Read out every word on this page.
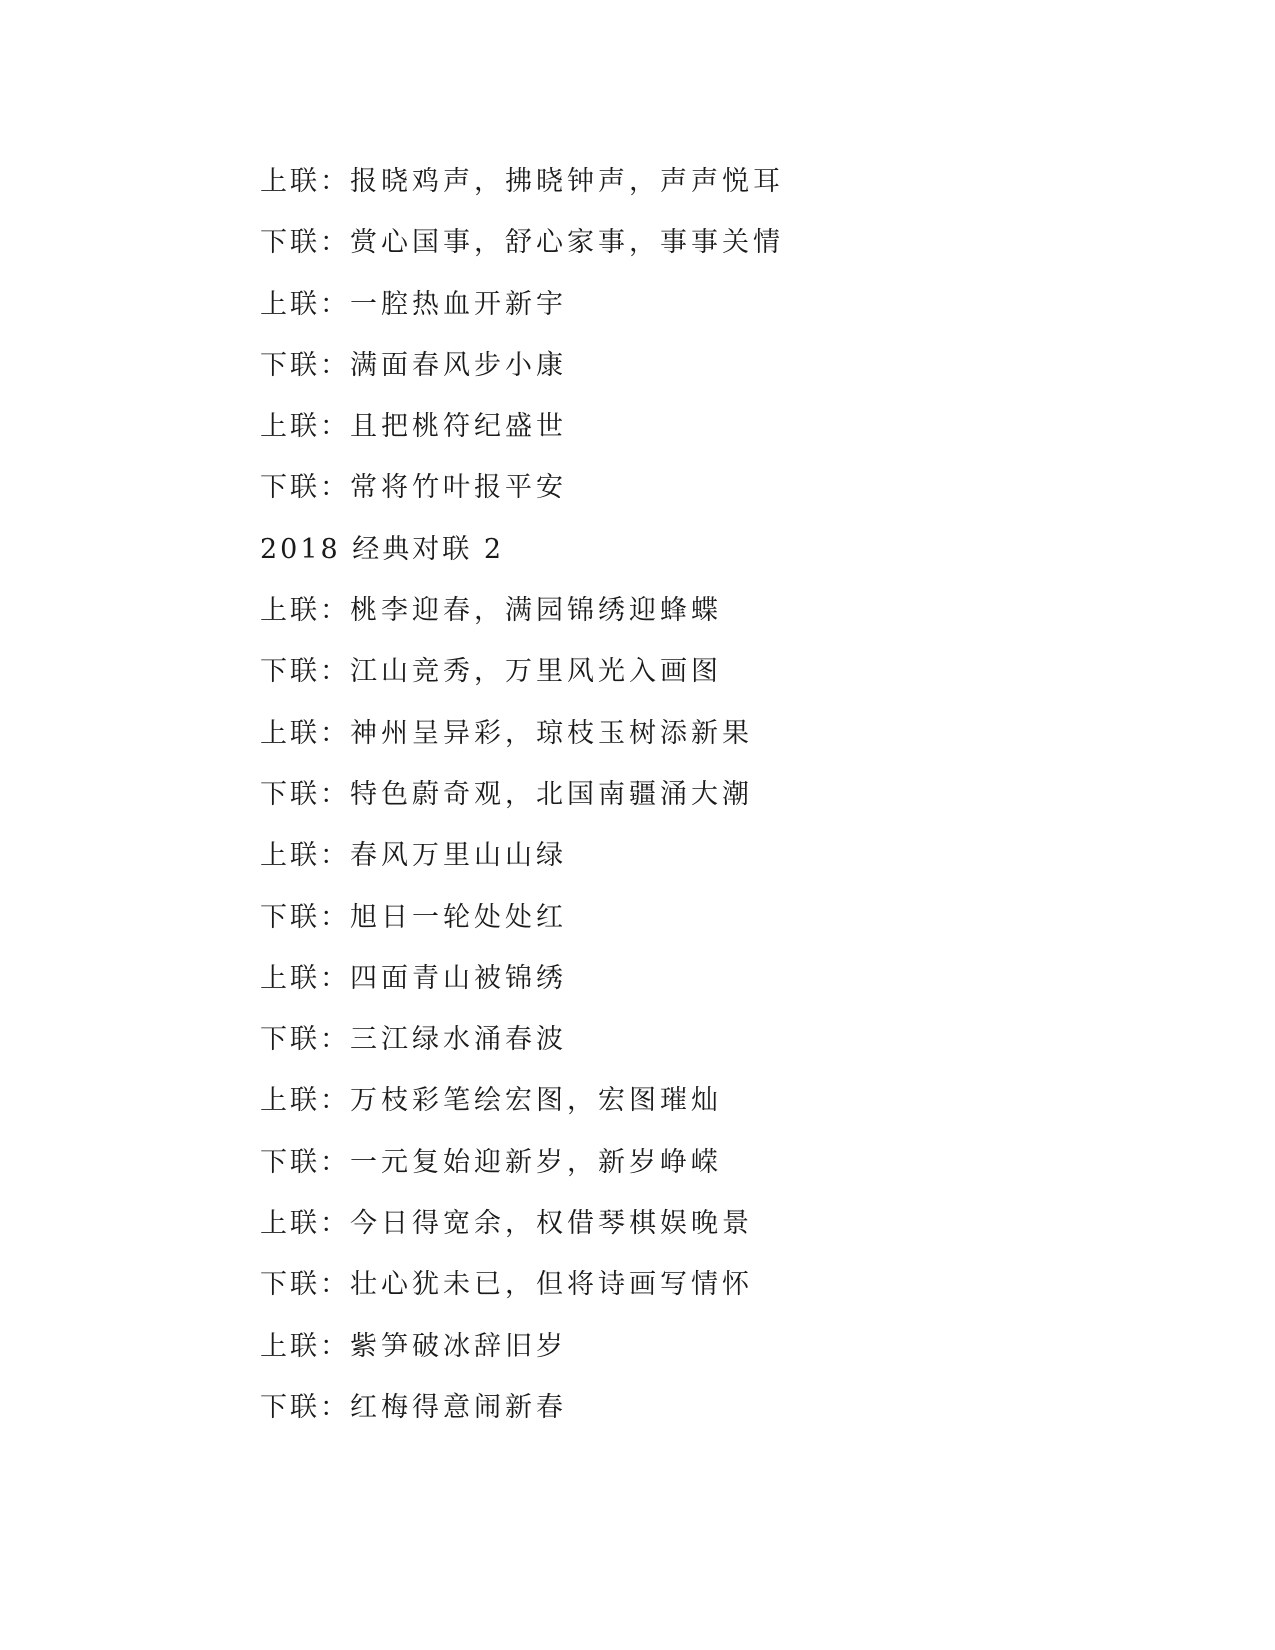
上联：报晓鸡声，拂晓钟声，声声悦耳
下联：赏心国事，舒心家事，事事关情
上联：一腔热血开新宇
下联：满面春风步小康
上联：且把桃符纪盛世
下联：常将竹叶报平安
2018 经典对联 2
上联：桃李迎春，满园锦绣迎蜂蝶
下联：江山竞秀，万里风光入画图
上联：神州呈异彩，琼枝玉树添新果
下联：特色蔚奇观，北国南疆涌大潮
上联：春风万里山山绿
下联：旭日一轮处处红
上联：四面青山被锦绣
下联：三江绿水涌春波
上联：万枝彩笔绘宏图，宏图璀灿
下联：一元复始迎新岁，新岁峥嵘
上联：今日得宽余，权借琴棋娱晚景
下联：壮心犹未已，但将诗画写情怀
上联：紫笋破冰辞旧岁
下联：红梅得意闹新春
